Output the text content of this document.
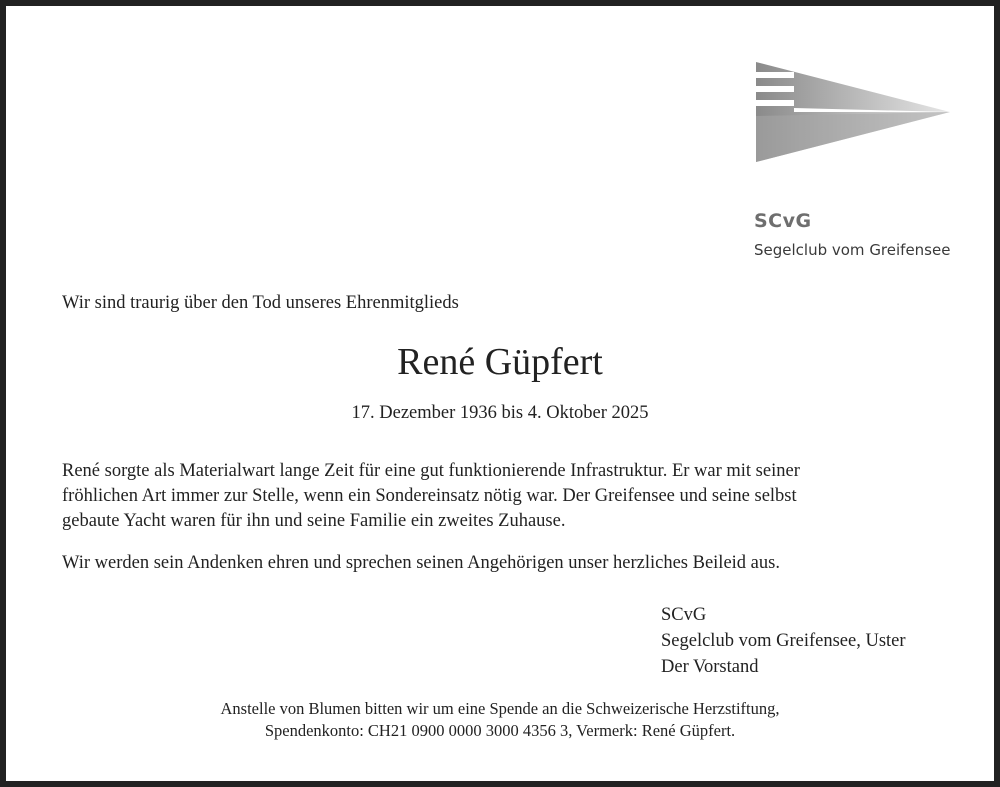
SCvG
Segelclub vom Greifensee
Wir sind traurig über den Tod unseres Ehrenmitglieds
René Güpfert
17. Dezember 1936 bis 4. Oktober 2025
René sorgte als Materialwart lange Zeit für eine gut funktionierende Infrastruktur. Er war mit seiner
fröhlichen Art immer zur Stelle, wenn ein Sondereinsatz nötig war. Der Greifensee und seine selbst
gebaute Yacht waren für ihn und seine Familie ein zweites Zuhause.
Wir werden sein Andenken ehren und sprechen seinen Angehörigen unser herzliches Beileid aus.
SCvG
Segelclub vom Greifensee, Uster
Der Vorstand
Anstelle von Blumen bitten wir um eine Spende an die Schweizerische Herzstiftung,
Spendenkonto: CH21 0900 0000 3000 4356 3, Vermerk: René Güpfert.
